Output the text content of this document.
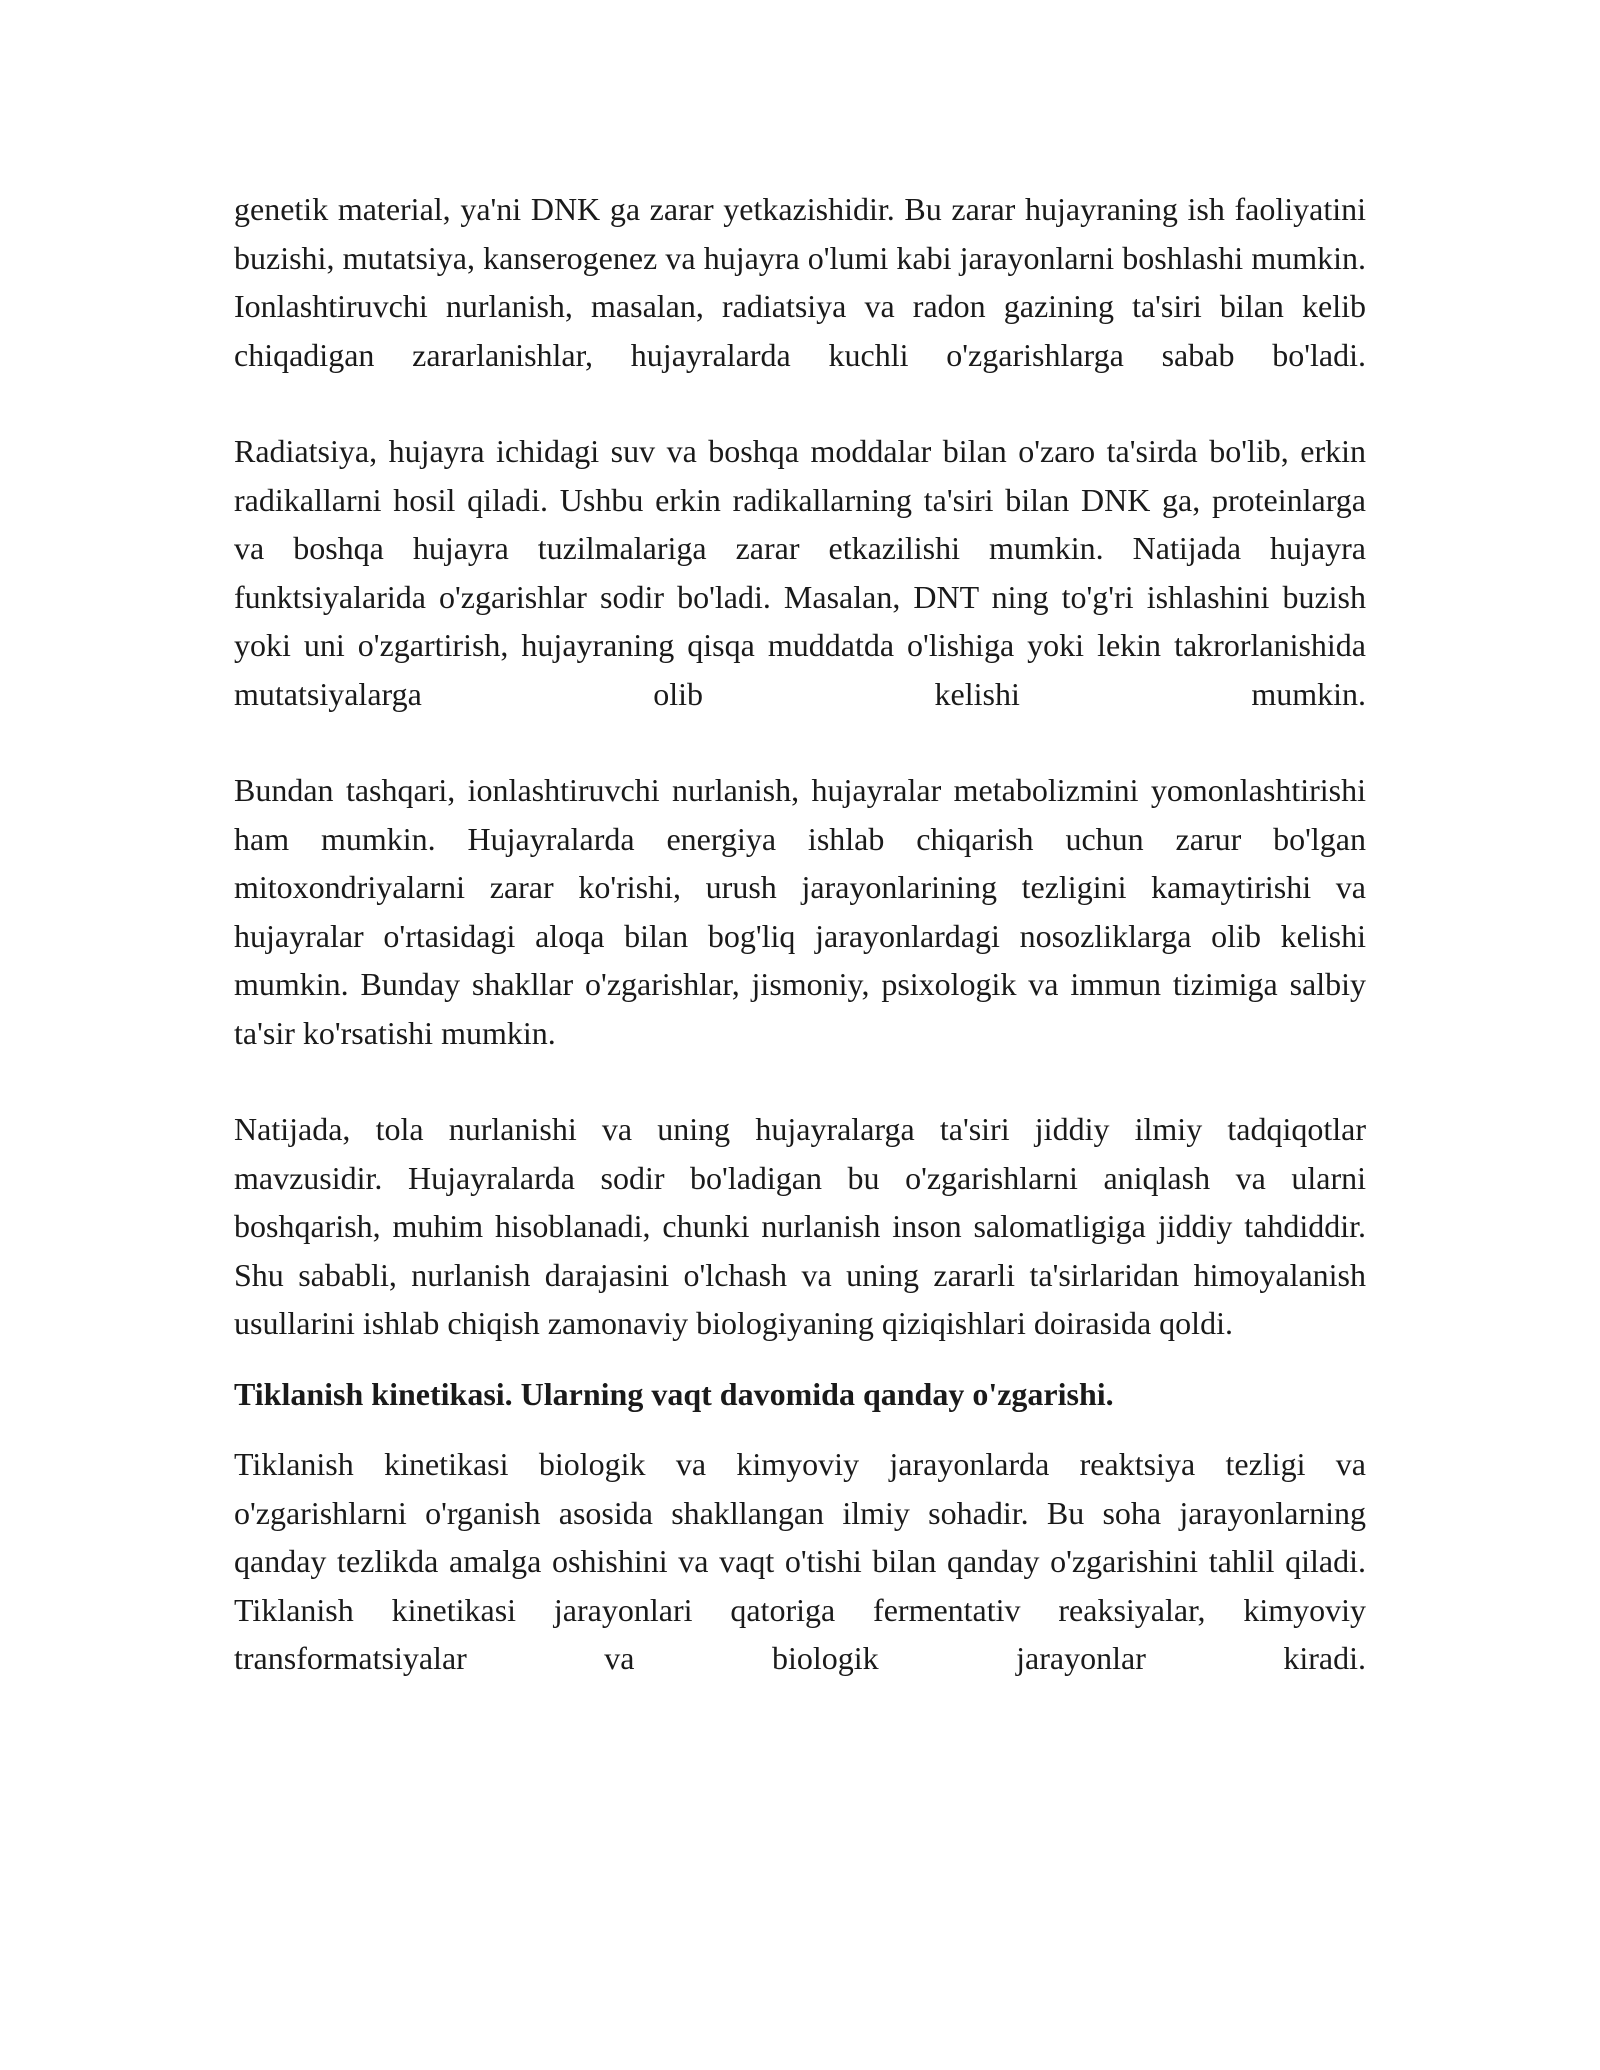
genetik material, ya'ni DNK ga zarar yetkazishidir. Bu zarar hujayraning ish faoliyatini buzishi, mutatsiya, kanserogenez va hujayra o'lumi kabi jarayonlarni boshlashi mumkin. Ionlashtiruvchi nurlanish, masalan, radiatsiya va radon gazining ta'siri bilan kelib chiqadigan zararlanishlar, hujayralarda kuchli o'zgarishlarga sabab bo'ladi.

Radiatsiya, hujayra ichidagi suv va boshqa moddalar bilan o'zaro ta'sirda bo'lib, erkin radikallarni hosil qiladi. Ushbu erkin radikallarning ta'siri bilan DNK ga, proteinlarga va boshqa hujayra tuzilmalariga zarar etkazilishi mumkin. Natijada hujayra funktsiyalarida o'zgarishlar sodir bo'ladi. Masalan, DNT ning to'g'ri ishlashini buzish yoki uni o'zgartirish, hujayraning qisqa muddatda o'lishiga yoki lekin takrorlanishida mutatsiyalarga olib kelishi mumkin.

Bundan tashqari, ionlashtiruvchi nurlanish, hujayralar metabolizmini yomonlashtirishi ham mumkin. Hujayralarda energiya ishlab chiqarish uchun zarur bo'lgan mitoxondriyalarni zarar ko'rishi, urush jarayonlarining tezligini kamaytirishi va hujayralar o'rtasidagi aloqa bilan bog'liq jarayonlardagi nosozliklarga olib kelishi mumkin. Bunday shakllar o'zgarishlar, jismoniy, psixologik va immun tizimiga salbiy ta'sir ko'rsatishi mumkin.

Natijada, tola nurlanishi va uning hujayralarga ta'siri jiddiy ilmiy tadqiqotlar mavzusidir. Hujayralarda sodir bo'ladigan bu o'zgarishlarni aniqlash va ularni boshqarish, muhim hisoblanadi, chunki nurlanish inson salomatligiga jiddiy tahdiddir. Shu sababli, nurlanish darajasini o'lchash va uning zararli ta'sirlaridan himoyalanish usullarini ishlab chiqish zamonaviy biologiyaning qiziqishlari doirasida qoldi.

Tiklanish kinetikasi. Ularning vaqt davomida qanday o'zgarishi.

Tiklanish kinetikasi biologik va kimyoviy jarayonlarda reaktsiya tezligi va o'zgarishlarni o'rganish asosida shakllangan ilmiy sohadir. Bu soha jarayonlarning qanday tezlikda amalga oshishini va vaqt o'tishi bilan qanday o'zgarishini tahlil qiladi. Tiklanish kinetikasi jarayonlari qatoriga fermentativ reaksiyalar, kimyoviy transformatsiyalar va biologik jarayonlar kiradi.
